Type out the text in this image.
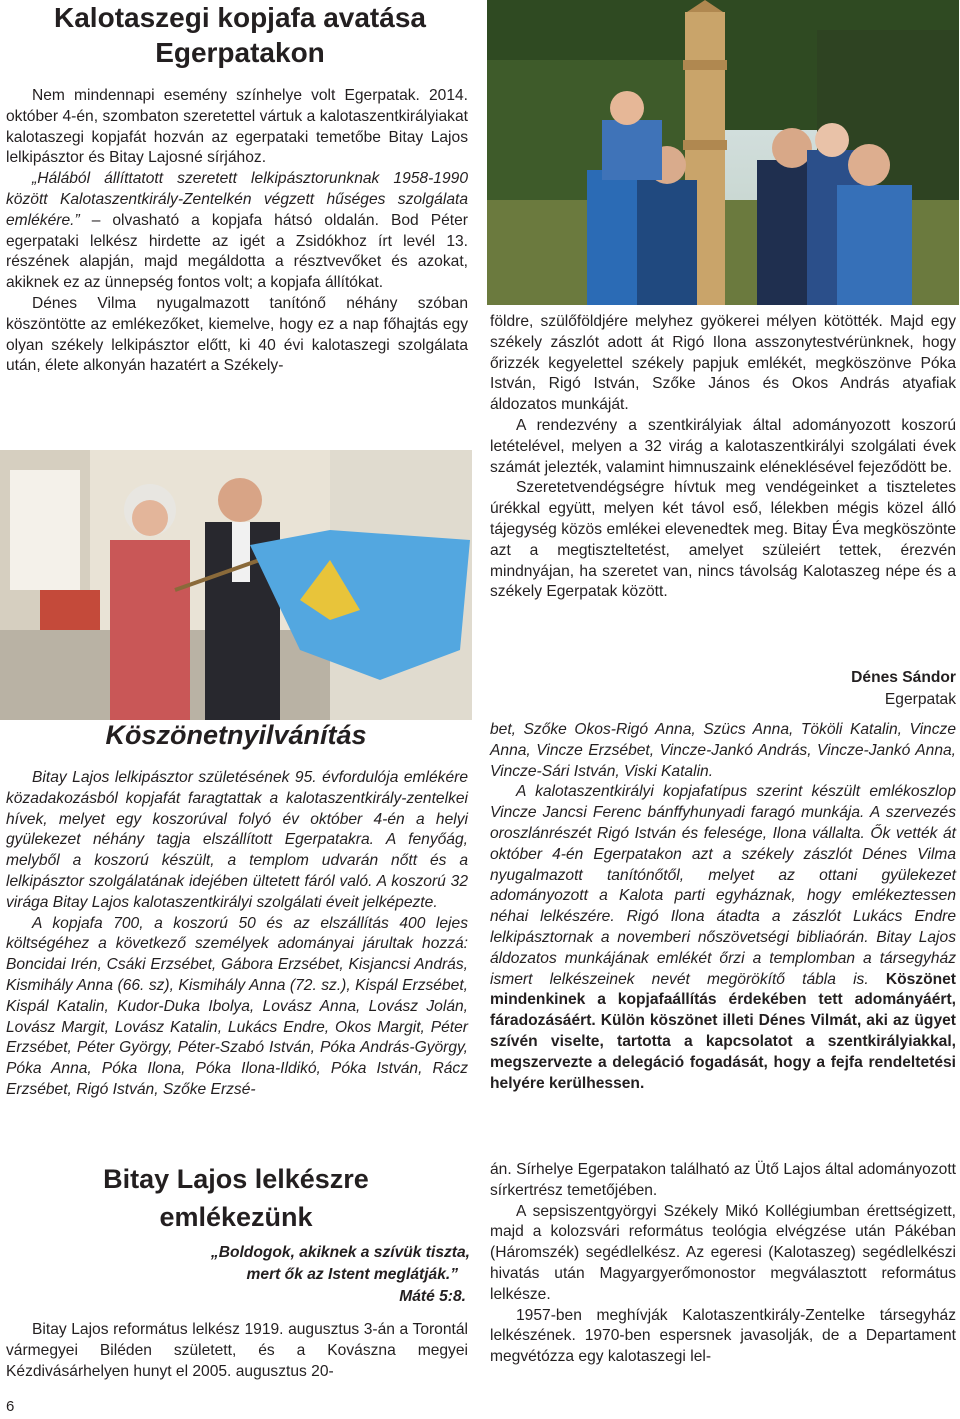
Kalotaszegi kopjafa avatása Egerpatakon

Nem mindennapi esemény színhelye volt Egerpatak. 2014. október 4-én, szombaton szeretettel vártuk a kalotaszentkirályiakat kalotaszegi kopjafát hozván az egerpataki temetőbe Bitay Lajos lelkipásztor és Bitay Lajosné sírjához.

„Hálából állíttatott szeretett lelkipásztorunknak 1958-1990 között Kalotaszentkirály-Zentelkén végzett hűséges szolgálata emlékére.” – olvasható a kopjafa hátsó oldalán. Bod Péter egerpataki lelkész hirdette az igét a Zsidókhoz írt levél 13. részének alapján, majd megáldotta a résztvevőket és azokat, akiknek ez az ünnepség fontos volt; a kopjafa állítókat.

Dénes Vilma nyugalmazott tanítónő néhány szóban köszöntötte az emlékezőket, kiemelve, hogy ez a nap főhajtás egy olyan székely lelkipásztor előtt, ki 40 évi kalotaszegi szolgálata után, élete alkonyán hazatért a Székely-

földre, szülőföldjére melyhez gyökerei mélyen kötötték. Majd egy székely zászlót adott át Rigó Ilona asszonytestvérünknek, hogy őrizzék kegyelettel székely papjuk emlékét, megköszönve Póka István, Rigó István, Szőke János és Okos András atyafiak áldozatos munkáját.

A rendezvény a szentkirályiak által adományozott koszorú letételével, melyen a 32 virág a kalotaszentkirályi szolgálati évek számát jelezték, valamint himnuszaink eléneklésével fejeződött be.

Szeretetvendégségre hívtuk meg vendégeinket a tiszteletes úrékkal együtt, melyen két távol eső, lélekben mégis közel álló tájegység közös emlékei elevenedtek meg. Bitay Éva megköszönte azt a megtiszteltetést, amelyet szüleiért tettek, érezvén mindnyájan, ha szeretet van, nincs távolság Kalotaszeg népe és a székely Egerpatak között.

Dénes Sándor
Egerpatak
Köszönetnyilvánítás

Bitay Lajos lelkipásztor születésének 95. évfordulója emlékére közadakozásból kopjafát faragtattak a kalotaszentkirály-zentelkei hívek, melyet egy koszorúval folyó év október 4-én a helyi gyülekezet néhány tagja elszállított Egerpatakra. A fenyőág, melyből a koszorú készült, a templom udvarán nőtt és a lelkipásztor szolgálatának idejében ültetett fáról való. A koszorú 32 virága Bitay Lajos kalotaszentkirályi szolgálati éveit jelképezte.

A kopjafa 700, a koszorú 50 és az elszállítás 400 lejes költségéhez a következő személyek adományai járultak hozzá: Boncidai Irén, Csáki Erzsébet, Gábora Erzsébet, Kisjancsi András, Kismihály Anna (66. sz), Kismihály Anna (72. sz.), Kispál Erzsébet, Kispál Katalin, Kudor-Duka Ibolya, Lovász Anna, Lovász Jolán, Lovász Margit, Lovász Katalin, Lukács Endre, Okos Margit, Péter Erzsébet, Péter György, Péter-Szabó István, Póka András-György, Póka Anna, Póka Ilona, Póka Ilona-Ildikó, Póka István, Rácz Erzsébet, Rigó István, Szőke Erzsé-

bet, Szőke Okos-Rigó Anna, Szücs Anna, Tököli Katalin, Vincze Anna, Vincze Erzsébet, Vincze-Jankó András, Vincze-Jankó Anna, Vincze-Sári István, Viski Katalin.

A kalotaszentkirályi kopjafatípus szerint készült emlékoszlop Vincze Jancsi Ferenc bánffyhunyadi faragó munkája. A szervezés oroszlánrészét Rigó István és felesége, Ilona vállalta. Ők vették át október 4-én Egerpatakon azt a székely zászlót Dénes Vilma nyugalmazott tanítónőtől, melyet az ottani gyülekezet adományozott a Kalota parti egyháznak, hogy emlékeztessen néhai lelkészére. Rigó Ilona átadta a zászlót Lukács Endre lelkipásztornak a novemberi nőszövetségi bibliaórán. Bitay Lajos áldozatos munkájának emlékét őrzi a templomban a társegyház ismert lelkészeinek nevét megörökítő tábla is. Köszönet mindenkinek a kopjafaállítás érdekében tett adományáért, fáradozásáért. Külön köszönet illeti Dénes Vilmát, aki az ügyet szívén viselte, tartotta a kapcsolatot a szentkirályiakkal, megszervezte a delegáció fogadását, hogy a fejfa rendeltetési helyére kerülhessen.

Bitay Lajos lelkészre emlékezünk
„Boldogok, akiknek a szívük tiszta,
mert ők az Istent meglátják.”
Máté 5:8.

Bitay Lajos református lelkész 1919. augusztus 3-án a Torontál vármegyei Biléden született, és a Kovászna megyei Kézdivásárhelyen hunyt el 2005. augusztus 20-

án. Sírhelye Egerpatakon található az Ütő Lajos által adományozott sírkertrész temetőjében.

A sepsiszentgyörgyi Székely Mikó Kollégiumban érettségizett, majd a kolozsvári református teológia elvégzése után Pákéban (Háromszék) segédlelkész. Az egeresi (Kalotaszeg) segédlelkészi hivatás után Magyargyerőmonostor megválasztott református lelkésze.

1957-ben meghívják Kalotaszentkirály-Zentelke társegyház lelkészének. 1970-ben espersnek javasolják, de a Departament megvétózza egy kalotaszegi lel-

6
